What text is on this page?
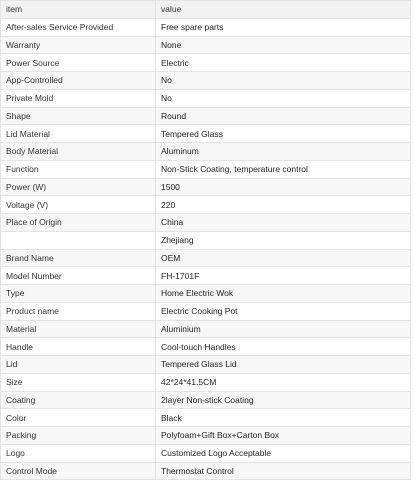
item	value
After-sales Service Provided	Free spare parts
Warranty	None
Power Source	Electric
App-Controlled	No
Private Mold	No
Shape	Round
Lid Material	Tempered Glass
Body Material	Aluminum
Function	Non-Stick Coating, temperature control
Power (W)	1500
Voltage (V)	220
Place of Origin	China
	Zhejiang
Brand Name	OEM
Model Number	FH-1701F
Type	Home Electric Wok
Product name	Electric Cooking Pot
Material	Aluminium
Handle	Cool-touch Handles
Lid	Tempered Glass Lid
Size	42*24*41.5CM
Coating	2layer Non-stick Coating
Color	Black
Packing	Polyfoam+Gift Box+Carton Box
Logo	Customized Logo Acceptable
Control Mode	Thermostat Control
